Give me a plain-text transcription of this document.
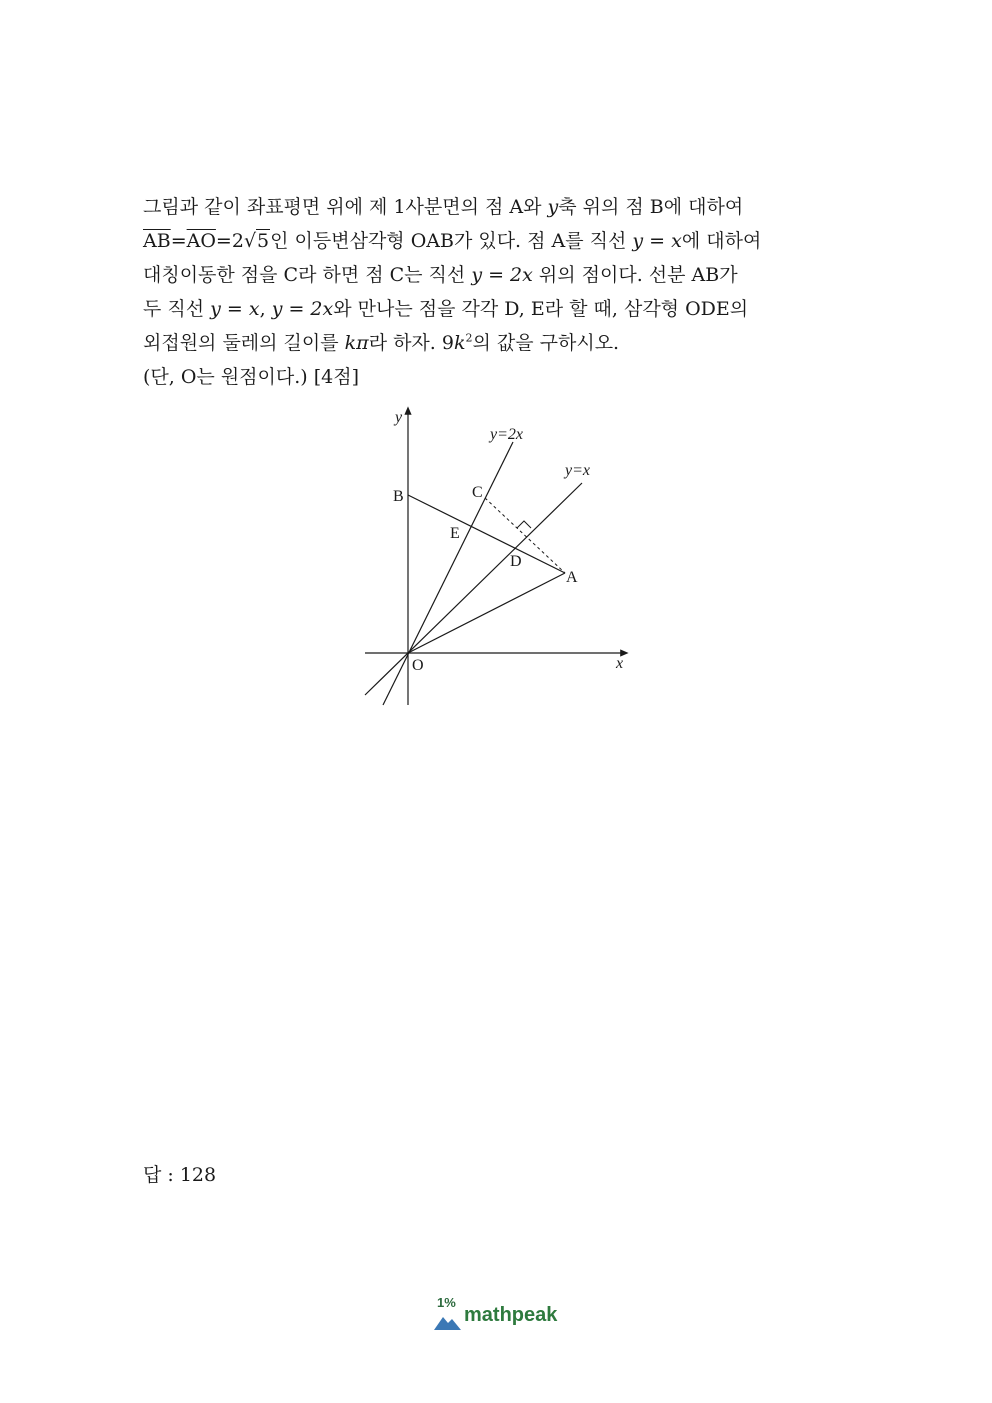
그림과 같이 좌표평면 위에 제 1사분면의 점 A와 y축 위의 점 B에 대하여
$\overline{AB}=\overline{AO}=2√5$인 이등변삼각형 OAB가 있다. 점 A를 직선 y = x에 대하여
대칭이동한 점을 C라 하면 점 C는 직선 y = 2x 위의 점이다. 선분 AB가
두 직선 y = x, y = 2x와 만나는 점을 각각 D, E라 할 때, 삼각형 ODE의
외접원의 둘레의 길이를 kπ라 하자. $9k^2$의 값을 구하시오.
(단, O는 원점이다.) [4점]
y
x
y=2x
y=x
O
A
B	C
D
E
답 : 128
1%
mathpeak
